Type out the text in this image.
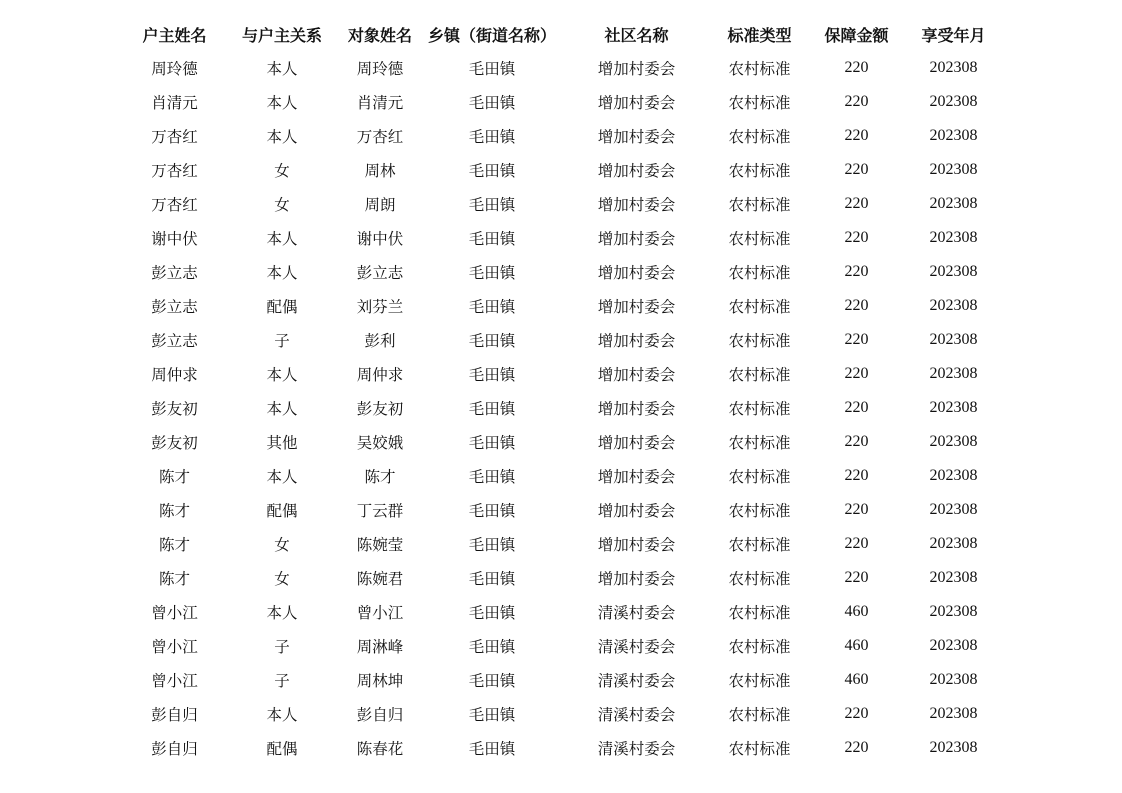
户主姓名	与户主关系	对象姓名	乡镇（街道名称）	社区名称	标准类型	保障金额	享受年月
周玲德	本人	周玲德	毛田镇	增加村委会	农村标准	220	202308
肖清元	本人	肖清元	毛田镇	增加村委会	农村标准	220	202308
万杏红	本人	万杏红	毛田镇	增加村委会	农村标准	220	202308
万杏红	女	周林	毛田镇	增加村委会	农村标准	220	202308
万杏红	女	周朗	毛田镇	增加村委会	农村标准	220	202308
谢中伏	本人	谢中伏	毛田镇	增加村委会	农村标准	220	202308
彭立志	本人	彭立志	毛田镇	增加村委会	农村标准	220	202308
彭立志	配偶	刘芬兰	毛田镇	增加村委会	农村标准	220	202308
彭立志	子	彭利	毛田镇	增加村委会	农村标准	220	202308
周仲求	本人	周仲求	毛田镇	增加村委会	农村标准	220	202308
彭友初	本人	彭友初	毛田镇	增加村委会	农村标准	220	202308
彭友初	其他	吴姣娥	毛田镇	增加村委会	农村标准	220	202308
陈才	本人	陈才	毛田镇	增加村委会	农村标准	220	202308
陈才	配偶	丁云群	毛田镇	增加村委会	农村标准	220	202308
陈才	女	陈婉莹	毛田镇	增加村委会	农村标准	220	202308
陈才	女	陈婉君	毛田镇	增加村委会	农村标准	220	202308
曾小江	本人	曾小江	毛田镇	清溪村委会	农村标准	460	202308
曾小江	子	周淋峰	毛田镇	清溪村委会	农村标准	460	202308
曾小江	子	周林坤	毛田镇	清溪村委会	农村标准	460	202308
彭自归	本人	彭自归	毛田镇	清溪村委会	农村标准	220	202308
彭自归	配偶	陈春花	毛田镇	清溪村委会	农村标准	220	202308
